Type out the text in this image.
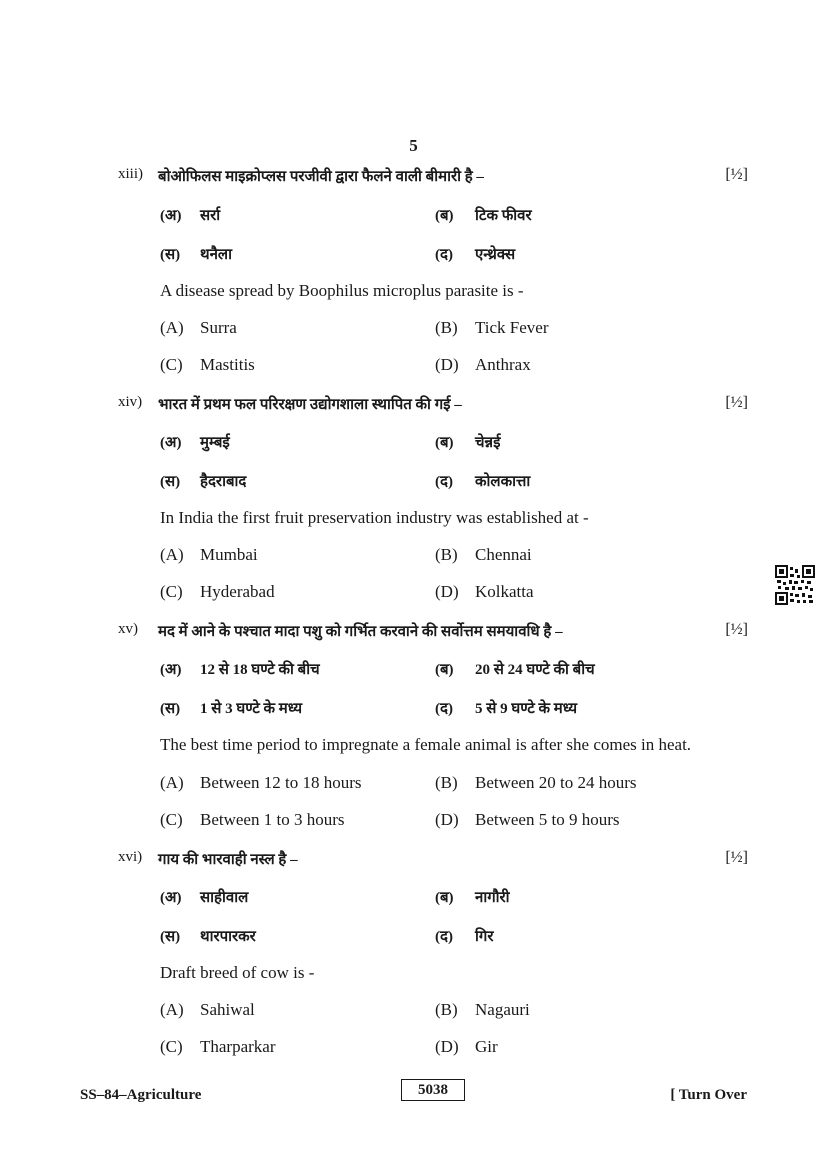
5
xiii) बोओफिलस माइक्रोप्लस परजीवी द्वारा फैलने वाली बीमारी है –	[½]
(अ) सर्रा	(ब) टिक फीवर
(स) थनैला	(द) एन्थ्रेक्स
A disease spread by Boophilus microplus parasite is -
(A) Surra	(B) Tick Fever
(C) Mastitis	(D) Anthrax
xiv) भारत में प्रथम फल परिरक्षण उद्योगशाला स्थापित की गई –	[½]
(अ) मुम्बई	(ब) चेन्नई
(स) हैदराबाद	(द) कोलकात्ता
In India the first fruit preservation industry was established at -
(A) Mumbai	(B) Chennai
(C) Hyderabad	(D) Kolkatta
xv) मद में आने के पश्चात मादा पशु को गर्भित करवाने की सर्वोत्तम समयावधि है –	[½]
(अ) 12 से 18 घण्टे की बीच	(ब) 20 से 24 घण्टे की बीच
(स) 1 से 3 घण्टे के मध्य	(द) 5 से 9 घण्टे के मध्य
The best time period to impregnate a female animal is after she comes in heat.
(A) Between 12 to 18 hours	(B) Between 20 to 24 hours
(C) Between 1 to 3 hours	(D) Between 5 to 9 hours
xvi) गाय की भारवाही नस्ल है –	[½]
(अ) साहीवाल	(ब) नागौरी
(स) थारपारकर	(द) गिर
Draft breed of cow is -
(A) Sahiwal	(B) Nagauri
(C) Tharparkar	(D) Gir
SS–84–Agriculture	5038	[ Turn Over
